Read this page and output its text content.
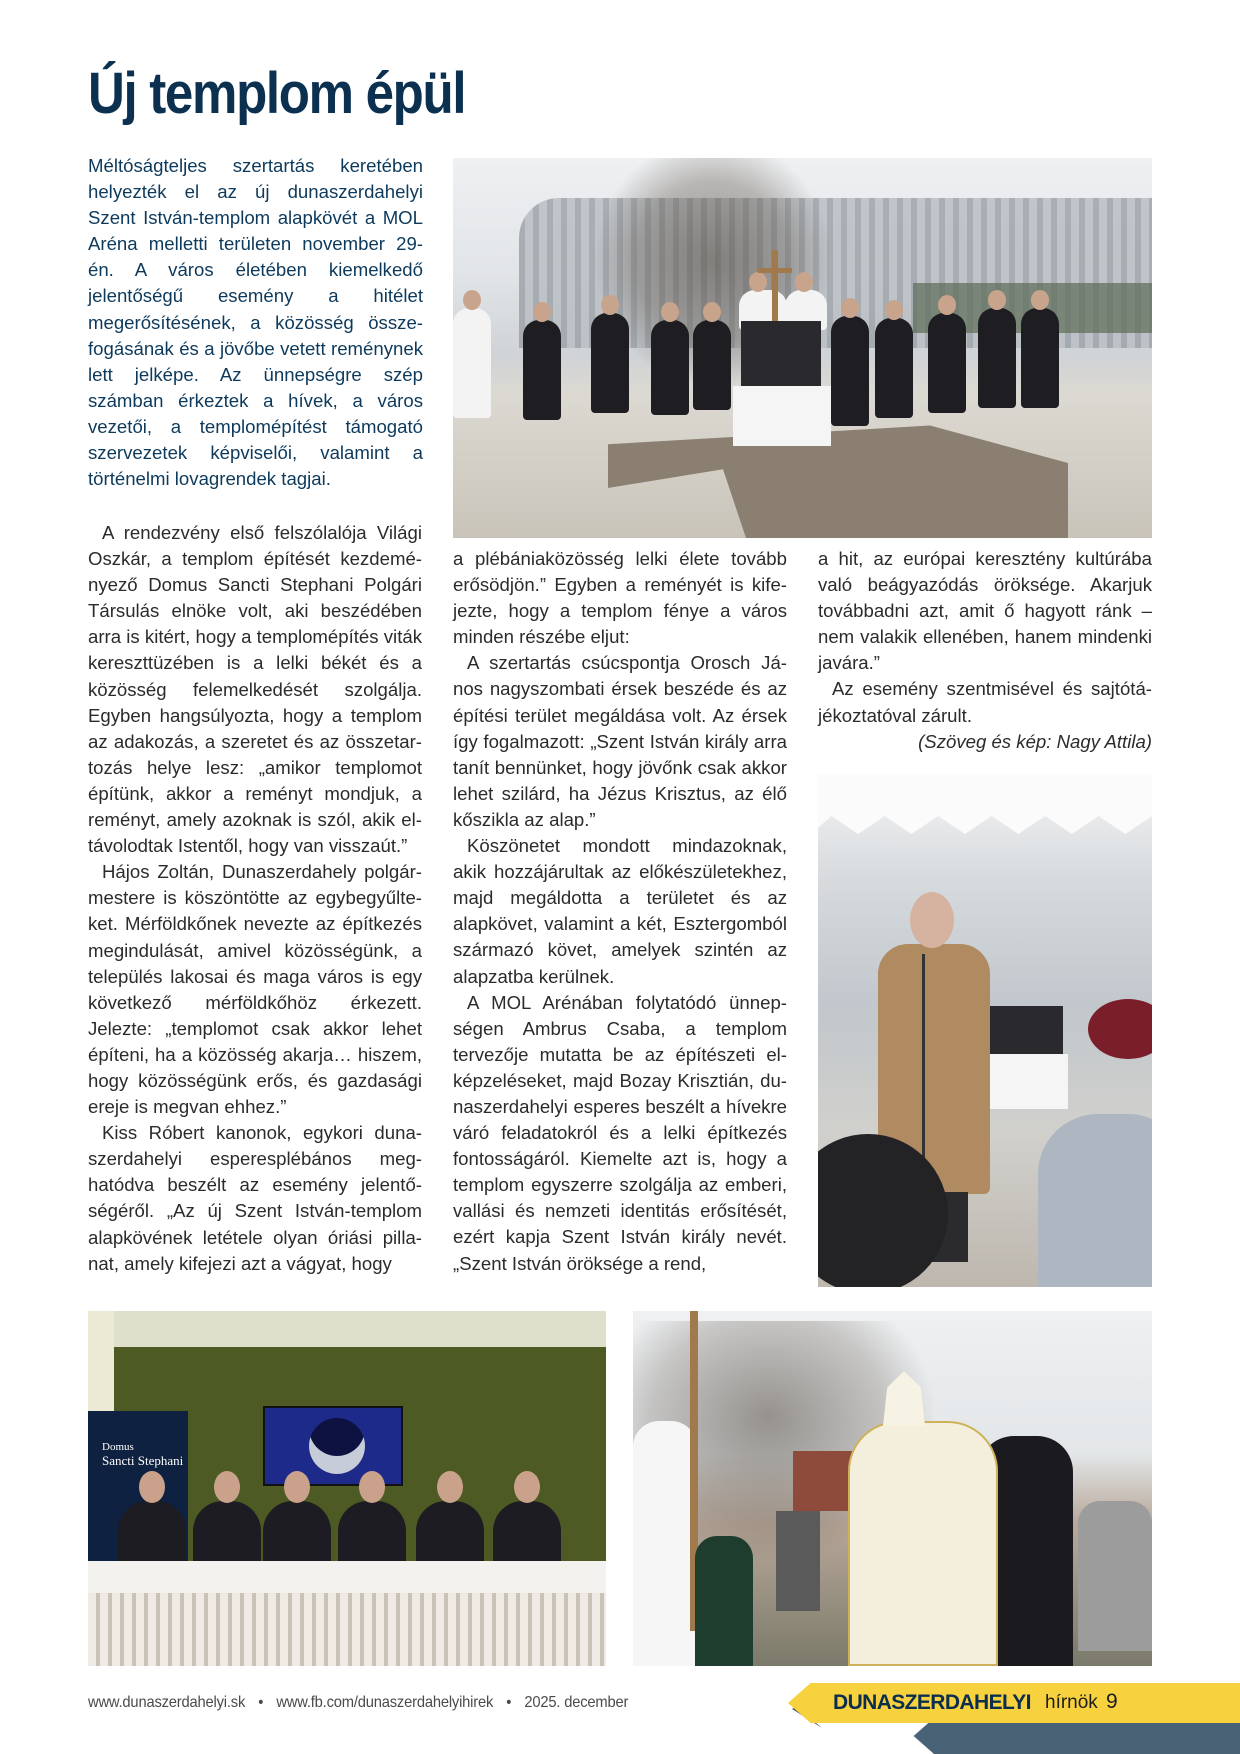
Új templom épül

Méltóságteljes szertartás keretében helyezték el az új dunaszerdahelyi Szent István-templom alapkövét a MOL Aréna melletti területen november 29-én. A város életében kiemelkedő jelentőségű esemény a hitélet megerősítésének, a közösség összefogásának és a jövőbe vetett reménynek lett jelképe. Az ünnepségre szép számban érkeztek a hívek, a város vezetői, a templomépítést támogató szervezetek képviselői, valamint a történelmi lovagrendek tagjai.

A rendezvény első felszólalója Világi Oszkár, a templom építését kezdeményező Domus Sancti Stephani Polgári Társulás elnöke volt, aki beszédében arra is kitért, hogy a templomépítés viták kereszttüzében is a lelki békét és a közösség felemelkedését szolgálja. Egyben hangsúlyozta, hogy a templom az adakozás, a szeretet és az összetartozás helye lesz: „amikor templomot építünk, akkor a reményt mondjuk, a reményt, amely azoknak is szól, akik eltávolodtak Istentől, hogy van visszaút.”

Hájos Zoltán, Dunaszerdahely polgármestere is köszöntötte az egybegyűlteket. Mérföldkőnek nevezte az építkezés megindulását, amivel közösségünk, a település lakosai és maga város is egy következő mérföldkőhöz érkezett. Jelezte: „templomot csak akkor lehet építeni, ha a közösség akarja… hiszem, hogy közösségünk erős, és gazdasági ereje is megvan ehhez.”

Kiss Róbert kanonok, egykori dunaszerdahelyi esperesplébános meghatódva beszélt az esemény jelentőségéről. „Az új Szent István-templom alapkövének letétele olyan óriási pillanat, amely kifejezi azt a vágyat, hogy

a plébániaközösség lelki élete tovább erősödjön.” Egyben a reményét is kifejezte, hogy a templom fénye a város minden részébe eljut:

A szertartás csúcspontja Orosch János nagyszombati érsek beszéde és az építési terület megáldása volt. Az érsek így fogalmazott: „Szent István király arra tanít bennünket, hogy jövőnk csak akkor lehet szilárd, ha Jézus Krisztus, az élő kőszikla az alap.”

Köszönetet mondott mindazoknak, akik hozzájárultak az előkészületekhez, majd megáldotta a területet és az alapkövet, valamint a két, Esztergomból származó követ, amelyek szintén az alapzatba kerülnek.

A MOL Arénában folytatódó ünnepségen Ambrus Csaba, a templom tervezője mutatta be az építészeti elképzeléseket, majd Bozay Krisztián, dunaszerdahelyi esperes beszélt a hívekre váró feladatokról és a lelki építkezés fontosságáról. Kiemelte azt is, hogy a templom egyszerre szolgálja az emberi, vallási és nemzeti identitás erősítését, ezért kapja Szent István király nevét. „Szent István öröksége a rend,

a hit, az európai keresztény kultúrába való beágyazódás öröksége. Akarjuk továbbadni azt, amit ő hagyott ránk – nem valakik ellenében, hanem mindenki javára.”

Az esemény szentmisével és sajtótájékoztatóval zárult.

(Szöveg és kép: Nagy Attila)

Domus
Sancti Stephani
www.dunaszerdahelyi.sk • www.fb.com/dunaszerdahelyihirek • 2025. december	DUNASZERDAHELYI hírnök 9
